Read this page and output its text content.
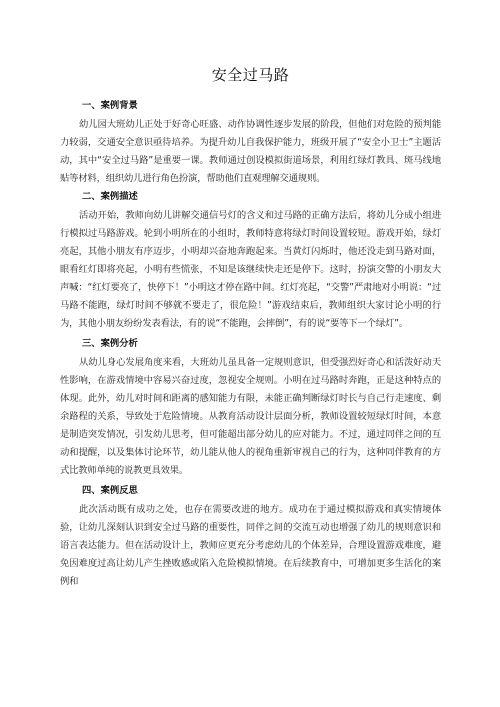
安全过马路
一、案例背景

幼儿园大班幼儿正处于好奇心旺盛、动作协调性逐步发展的阶段，但他们对危险的预判能力较弱，交通安全意识亟待培养。为提升幼儿自我保护能力，班级开展了“安全小卫士”主题活动，其中“安全过马路”是重要一课。教师通过创设模拟街道场景，利用红绿灯教具、斑马线地贴等材料，组织幼儿进行角色扮演，帮助他们直观理解交通规则。

二、案例描述

活动开始，教师向幼儿讲解交通信号灯的含义和过马路的正确方法后，将幼儿分成小组进行模拟过马路游戏。轮到小明所在的小组时，教师特意将绿灯时间设置较短。游戏开始，绿灯亮起，其他小朋友有序迈步，小明却兴奋地奔跑起来。当黄灯闪烁时，他还没走到马路对面，眼看红灯即将亮起，小明有些慌张，不知是该继续快走还是停下。这时，扮演交警的小朋友大声喊：“红灯要亮了，快停下！”小明这才停在路中间。红灯亮起，“交警”严肃地对小明说：“过马路不能跑，绿灯时间不够就不要走了，很危险！”游戏结束后，教师组织大家讨论小明的行为，其他小朋友纷纷发表看法，有的说“不能跑，会摔倒”，有的说“要等下一个绿灯”。

三、案例分析

从幼儿身心发展角度来看，大班幼儿虽具备一定规则意识，但受强烈好奇心和活泼好动天性影响，在游戏情境中容易兴奋过度，忽视安全规则。小明在过马路时奔跑，正是这种特点的体现。此外，幼儿对时间和距离的感知能力有限，未能正确判断绿灯时长与自己行走速度、剩余路程的关系，导致处于危险情境。从教育活动设计层面分析，教师设置较短绿灯时间，本意是制造突发情况，引发幼儿思考，但可能超出部分幼儿的应对能力。不过，通过同伴之间的互动和提醒，以及集体讨论环节，幼儿能从他人的视角重新审视自己的行为，这种同伴教育的方式比教师单纯的说教更具效果。

四、案例反思

此次活动既有成功之处，也存在需要改进的地方。成功在于通过模拟游戏和真实情境体验，让幼儿深刻认识到安全过马路的重要性，同伴之间的交流互动也增强了幼儿的规则意识和语言表达能力。但在活动设计上，教师应更充分考虑幼儿的个体差异，合理设置游戏难度，避免因难度过高让幼儿产生挫败感或陷入危险模拟情境。在后续教育中，可增加更多生活化的案例和
